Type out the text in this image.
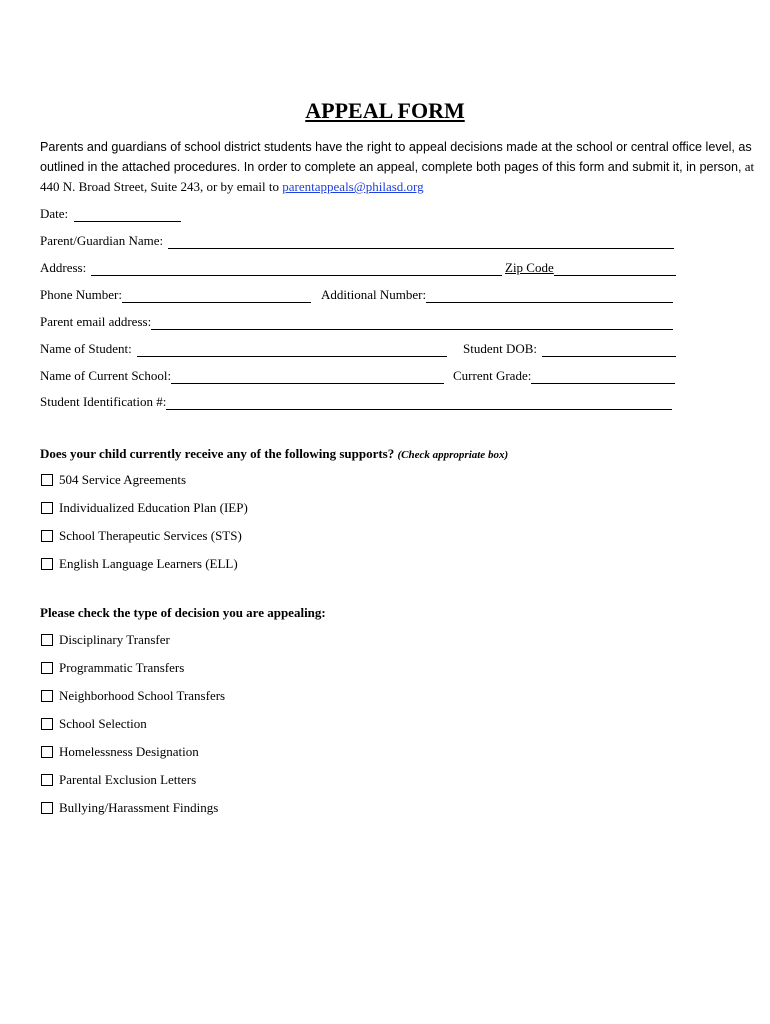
APPEAL FORM
Parents and guardians of school district students have the right to appeal decisions made at the school or central office level, as outlined in the attached procedures. In order to complete an appeal, complete both pages of this form and submit it, in person, at 440 N. Broad Street, Suite 243, or by email to parentappeals@philasd.org
Date:
Parent/Guardian Name:
Address:	Zip Code
Phone Number:	Additional Number:
Parent email address:
Name of Student:	Student DOB:
Name of Current School:	Current Grade:
Student Identification #:
Does your child currently receive any of the following supports? (Check appropriate box)
504 Service Agreements
Individualized Education Plan (IEP)
School Therapeutic Services (STS)
English Language Learners (ELL)
Please check the type of decision you are appealing:
Disciplinary Transfer
Programmatic Transfers
Neighborhood School Transfers
School Selection
Homelessness Designation
Parental Exclusion Letters
Bullying/Harassment Findings
